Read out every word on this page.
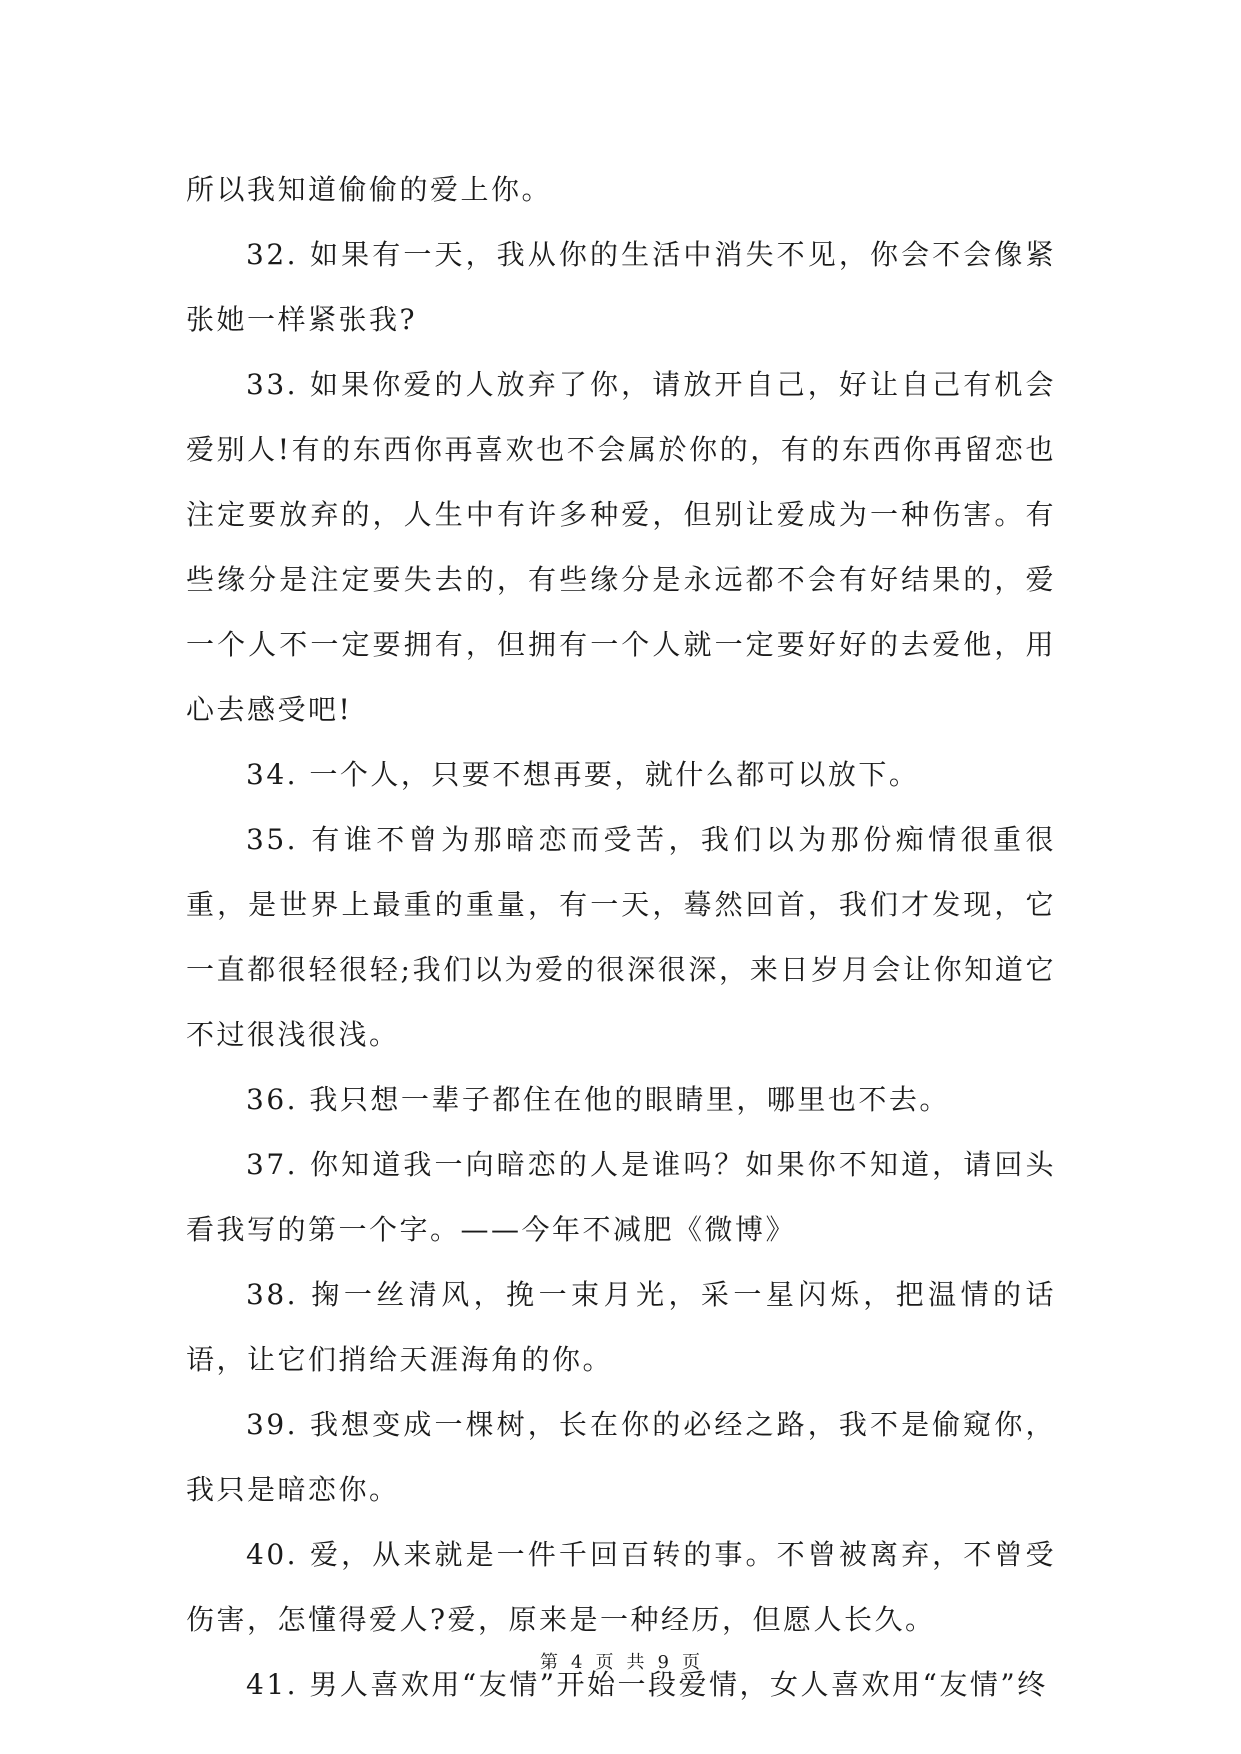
所以我知道偷偷的爱上你。

32. 如果有一天，我从你的生活中消失不见，你会不会像紧张她一样紧张我?

33. 如果你爱的人放弃了你，请放开自己，好让自己有机会爱别人!有的东西你再喜欢也不会属於你的，有的东西你再留恋也注定要放弃的，人生中有许多种爱，但别让爱成为一种伤害。有些缘分是注定要失去的，有些缘分是永远都不会有好结果的，爱一个人不一定要拥有，但拥有一个人就一定要好好的去爱他，用心去感受吧!

34. 一个人，只要不想再要，就什么都可以放下。

35. 有谁不曾为那暗恋而受苦，我们以为那份痴情很重很重，是世界上最重的重量，有一天，蓦然回首，我们才发现，它一直都很轻很轻;我们以为爱的很深很深，来日岁月会让你知道它不过很浅很浅。

36. 我只想一辈子都住在他的眼睛里，哪里也不去。

37. 你知道我一向暗恋的人是谁吗？如果你不知道，请回头看我写的第一个字。——今年不减肥《微博》

38. 掬一丝清风，挽一束月光，采一星闪烁，把温情的话语，让它们捎给天涯海角的你。

39. 我想变成一棵树，长在你的必经之路，我不是偷窥你，我只是暗恋你。

40. 爱，从来就是一件千回百转的事。不曾被离弃，不曾受伤害，怎懂得爱人?爱，原来是一种经历，但愿人长久。

41. 男人喜欢用“友情”开始一段爱情，女人喜欢用“友情”终

第 4 页 共 9 页
